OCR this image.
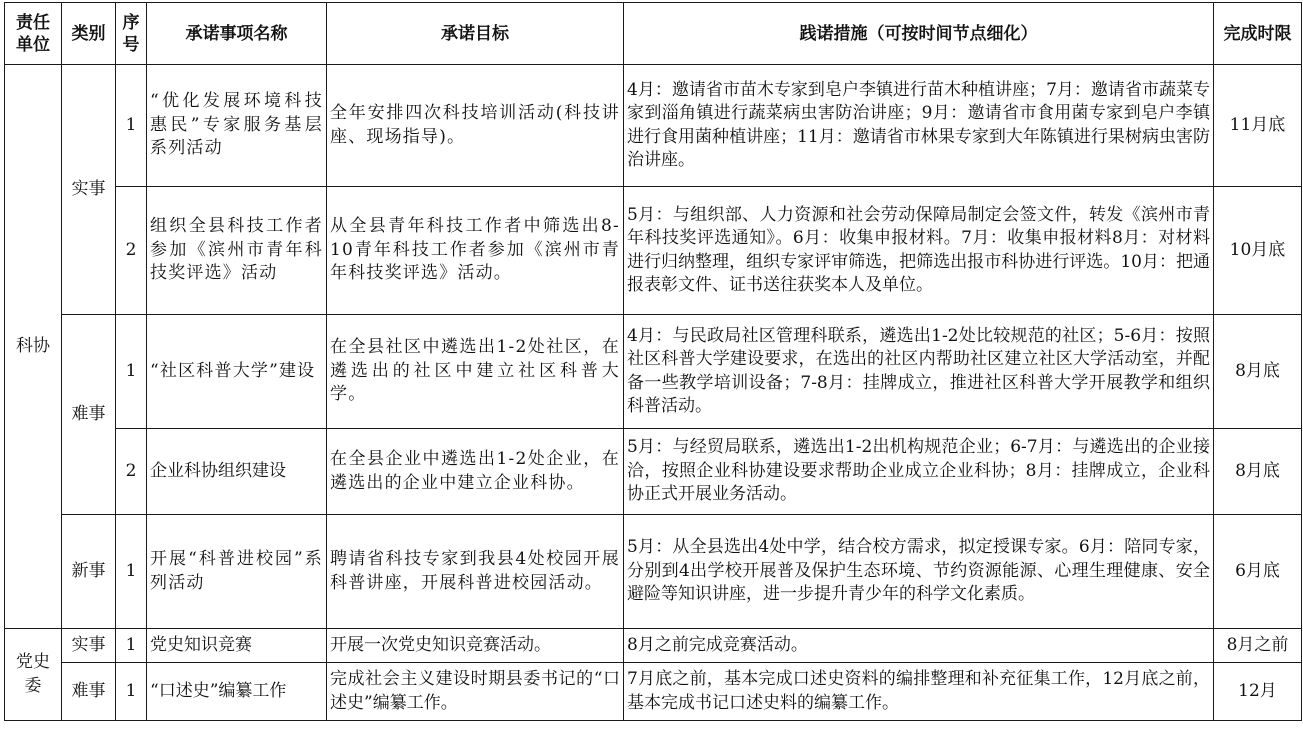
责任单位	类别	序号	承诺事项名称	承诺目标	践诺措施（可按时间节点细化）	完成时限
科协	实事	1	“优化发展环境科技惠民”专家服务基层系列活动	全年安排四次科技培训活动(科技讲座、现场指导)。	4月：邀请省市苗木专家到皂户李镇进行苗木种植讲座；7月：邀请省市蔬菜专家到淄角镇进行蔬菜病虫害防治讲座；9月：邀请省市食用菌专家到皂户李镇进行食用菌种植讲座；11月：邀请省市林果专家到大年陈镇进行果树病虫害防治讲座。	11月底
		2	组织全县科技工作者参加《滨州市青年科技奖评选》活动	从全县青年科技工作者中筛选出8-10青年科技工作者参加《滨州市青年科技奖评选》活动。	5月：与组织部、人力资源和社会劳动保障局制定会签文件，转发《滨州市青年科技奖评选通知》。6月：收集申报材料。7月：收集申报材料8月：对材料进行归纳整理，组织专家评审筛选，把筛选出报市科协进行评选。10月：把通报表彰文件、证书送往获奖本人及单位。	10月底
	难事	1	“社区科普大学”建设	在全县社区中遴选出1-2处社区，在遴选出的社区中建立社区科普大学。	4月：与民政局社区管理科联系，遴选出1-2处比较规范的社区；5-6月：按照社区科普大学建设要求，在选出的社区内帮助社区建立社区大学活动室，并配备一些教学培训设备；7-8月：挂牌成立，推进社区科普大学开展教学和组织科普活动。	8月底
		2	企业科协组织建设	在全县企业中遴选出1-2处企业，在遴选出的企业中建立企业科协。	5月：与经贸局联系，遴选出1-2出机构规范企业；6-7月：与遴选出的企业接洽，按照企业科协建设要求帮助企业成立企业科协；8月：挂牌成立，企业科协正式开展业务活动。	8月底
	新事	1	开展“科普进校园”系列活动	聘请省科技专家到我县4处校园开展科普讲座，开展科普进校园活动。	5月：从全县选出4处中学，结合校方需求，拟定授课专家。6月：陪同专家，分别到4出学校开展普及保护生态环境、节约资源能源、心理生理健康、安全避险等知识讲座，进一步提升青少年的科学文化素质。	6月底
党史委	实事	1	党史知识竞赛	开展一次党史知识竞赛活动。	8月之前完成竞赛活动。	8月之前
	难事	1	“口述史”编纂工作	完成社会主义建设时期县委书记的“口述史”编纂工作。	7月底之前，基本完成口述史资料的编排整理和补充征集工作，12月底之前，基本完成书记口述史料的编纂工作。	12月
